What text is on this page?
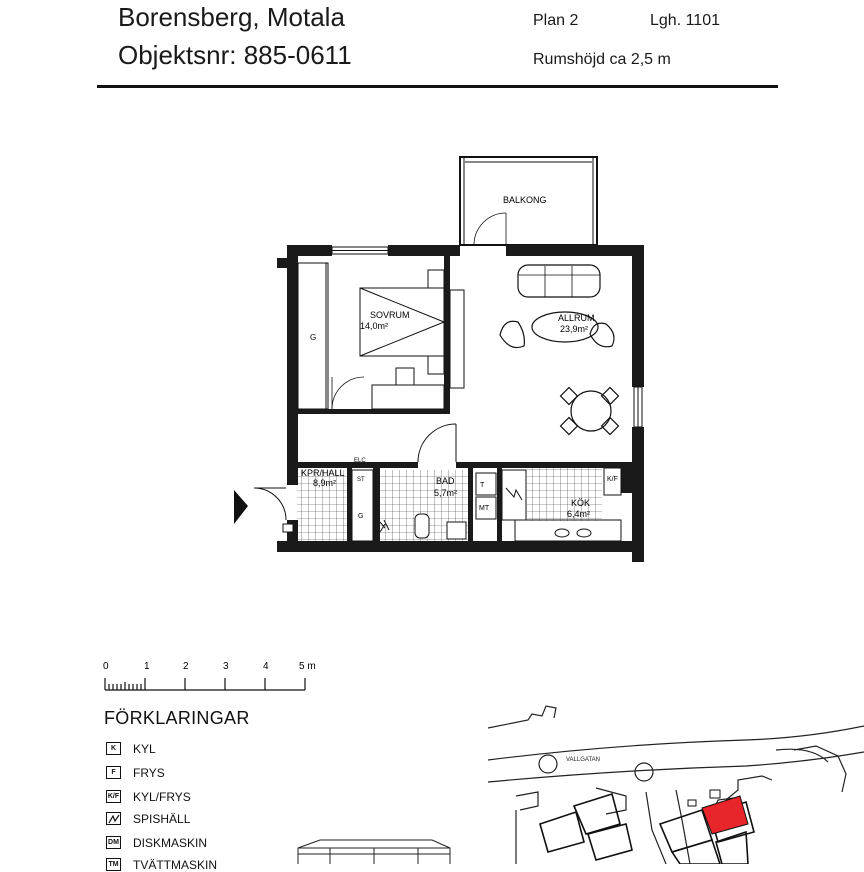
Borensberg, Motala
Objektsnr: 885-0611
Plan 2	Lgh. 1101
Rumshöjd ca 2,5 m
G
SOVRUM
14,0m²
ALLRUM
23,9m²
ELC
ST
G
KPR/HALL
8,9m²	BAD
5,7m²
T
MT
K/F
KÖK
6,4m²
BALKONG
0	1	2	3	4	5 m
FÖRKLARINGAR
K	KYL
F	FRYS
K/F KYL/FRYS
SPISHÄLL
DM DISKMASKIN
TM TVÄTTMASKIN
VALLGATAN
